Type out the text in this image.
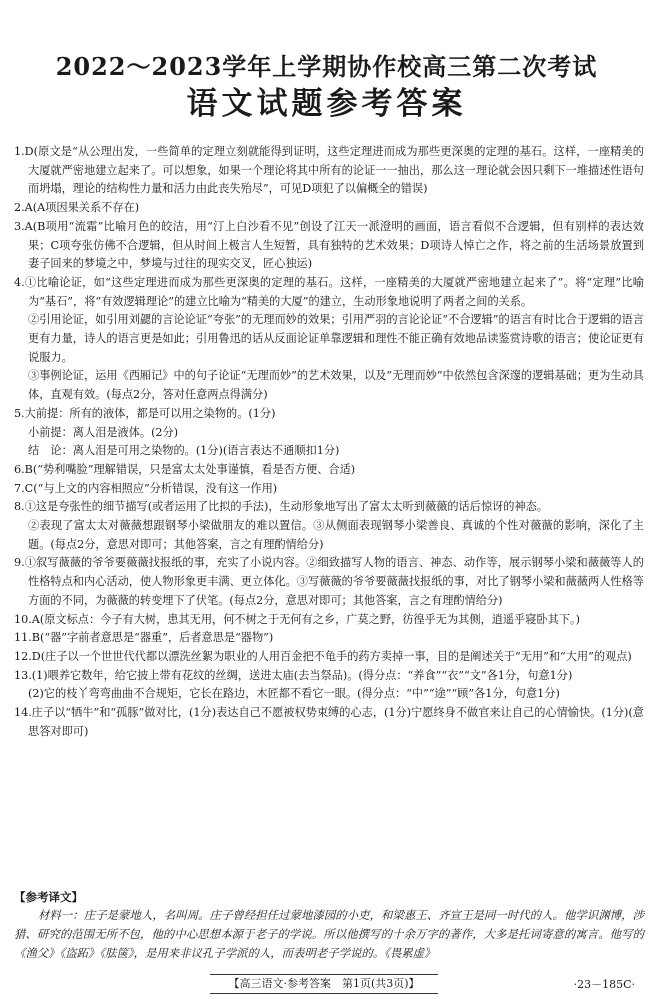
2022～2023学年上学期协作校高三第二次考试
语文试题参考答案

1.D(原文是“从公理出发，一些简单的定理立刻就能得到证明，这些定理进而成为那些更深奥的定理的基石。这样，一座精美的大厦就严密地建立起来了。可以想象，如果一个理论将其中所有的论证一一抽出，那么这一理论就会因只剩下一堆描述性语句而坍塌，理论的结构性力量和活力由此丧失殆尽”，可见D项犯了以偏概全的错误)

2.A(A项因果关系不存在)

3.A(B项用“流霜”比喻月色的皎洁，用“汀上白沙看不见”创设了江天一派澄明的画面，语言看似不合逻辑，但有别样的表达效果；C项夸张仿佛不合逻辑，但从时间上极言人生短暂，具有独特的艺术效果；D项诗人悼亡之作，将之前的生活场景放置到妻子回来的梦境之中，梦境与过往的现实交叉，匠心独运)

4.①比喻论证，如“这些定理进而成为那些更深奥的定理的基石。这样，一座精美的大厦就严密地建立起来了”。将“定理”比喻为“基石”，将“有效逻辑理论”的建立比喻为“精美的大厦”的建立，生动形象地说明了两者之间的关系。

②引用论证，如引用刘勰的言论论证“夸张”的无理而妙的效果；引用严羽的言论论证“不合逻辑”的语言有时比合于逻辑的语言更有力量，诗人的语言更是如此；引用鲁迅的话从反面论证单靠逻辑和理性不能正确有效地品读鉴赏诗歌的语言；使论证更有说服力。

③事例论证，运用《西厢记》中的句子论证“无理而妙”的艺术效果，以及“无理而妙”中依然包含深邃的逻辑基础；更为生动具体，直观有效。(每点2分，答对任意两点得满分)

5.大前提：所有的液体，都是可以用之染物的。(1分)

小前提：离人泪是液体。(2分)

结　论：离人泪是可用之染物的。(1分)(语言表达不通顺扣1分)

6.B(“势利嘴脸”理解错误，只是富太太处事谨慎，看是否方便、合适)

7.C(“与上文的内容相照应”分析错误，没有这一作用)

8.①这是夸张性的细节描写(或者运用了比拟的手法)，生动形象地写出了富太太听到薇薇的话后惊讶的神态。

②表现了富太太对薇薇想跟钢琴小梁做朋友的难以置信。③从侧面表现钢琴小梁善良、真诚的个性对薇薇的影响，深化了主题。(每点2分，意思对即可；其他答案，言之有理酌情给分)

9.①叙写薇薇的爷爷要薇薇找报纸的事，充实了小说内容。②细致描写人物的语言、神态、动作等，展示钢琴小梁和薇薇等人的性格特点和内心活动，使人物形象更丰满、更立体化。③写薇薇的爷爷要薇薇找报纸的事，对比了钢琴小梁和薇薇两人性格等方面的不同，为薇薇的转变埋下了伏笔。(每点2分，意思对即可；其他答案，言之有理酌情给分)

10.A(原文标点：今子有大树，患其无用，何不树之于无何有之乡，广莫之野，彷徨乎无为其侧，逍遥乎寝卧其下。)

11.B(“器”字前者意思是“器重”，后者意思是“器物”)

12.D(庄子以一个世世代代都以漂洗丝絮为职业的人用百金把不龟手的药方卖掉一事，目的是阐述关于“无用”和“大用”的观点)

13.(1)喂养它数年，给它披上带有花纹的丝绸，送进太庙(去当祭品)。(得分点：“养食”“衣”“文”各1分，句意1分)

(2)它的枝丫弯弯曲曲不合规矩，它长在路边，木匠都不看它一眼。(得分点：“中”“途”“顾”各1分，句意1分)

14.庄子以“牺牛”和“孤豚”做对比，(1分)表达自己不愿被权势束缚的心志，(1分)宁愿终身不做官来让自己的心情愉快。(1分)(意思答对即可)

【参考译文】

材料一：庄子是蒙地人，名叫周。庄子曾经担任过蒙地漆园的小吏，和梁惠王、齐宣王是同一时代的人。他学识渊博，涉猎、研究的范围无所不包，他的中心思想本源于老子的学说。所以他撰写的十余万字的著作，大多是托词寄意的寓言。他写的《渔父》《盗跖》《胠箧》，是用来非议孔子学派的人，而表明老子学说的。《畏累虚》

【高三语文·参考答案　第1页(共3页)】	·23－185C·
